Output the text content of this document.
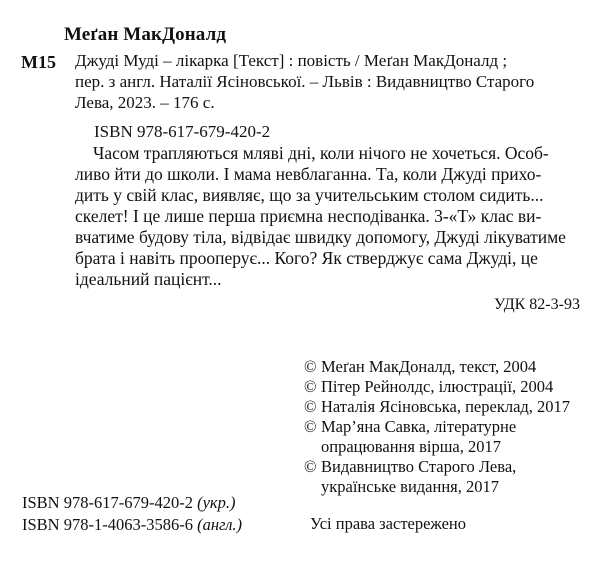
Меґан МакДоналд
М15 Джуді Муді – лікарка [Текст] : повість / Меґан МакДоналд ;
пер. з англ. Наталії Ясіновської. – Львів : Видавництво Старого
Лева, 2023. – 176 с.
ISBN 978-617-679-420-2
Часом трапляються мляві дні, коли нічого не хочеться. Особ-
ливо йти до школи. І мама невблаганна. Та, коли Джуді прихо-
дить у свій клас, виявляє, що за учительським столом сидить...
скелет! І це лише перша приємна несподіванка. 3-«Т» клас ви-
вчатиме будову тіла, відвідає швидку допомогу, Джуді лікуватиме
брата і навіть прооперує... Кого? Як стверджує сама Джуді, це
ідеальний пацієнт...
УДК 82-3-93
© Меґан МакДоналд, текст, 2004
© Пітер Рейнолдс, ілюстрації, 2004
© Наталія Ясіновська, переклад, 2017
© Мар’яна Савка, літературне
опрацювання вірша, 2017
© Видавництво Старого Лева,
українське видання, 2017
ISBN 978-617-679-420-2 (укр.)
ISBN 978-1-4063-3586-6 (англ.)	Усі права застережено
